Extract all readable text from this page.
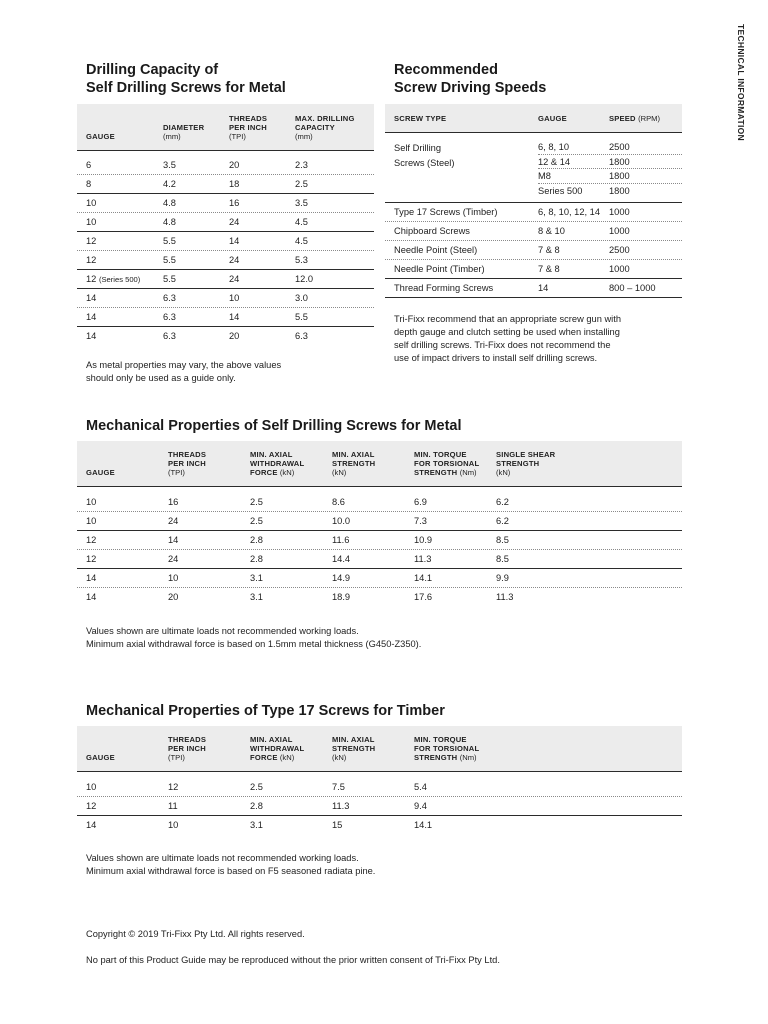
TECHNICAL INFORMATION
Drilling Capacity of
Self Drilling Screws for Metal
GAUGE
DIAMETER
(mm)
THREADS
PER INCH
(TPI)
MAX. DRILLING
CAPACITY
(mm)
6	3.5	20	2.3
8	4.2	18	2.5
10	4.8	16	3.5
10	4.8	24	4.5
12	5.5	14	4.5
12	5.5	24	5.3
12 (Series 500) 5.5	24	12.0
14	6.3	10	3.0
14	6.3	14	5.5
14	6.3	20	6.3
As metal properties may vary, the above values
should only be used as a guide only.
Recommended
Screw Driving Speeds
SCREW TYPE	GAUGE	SPEED (RPM)
Self Drilling
Screws (Steel)
6, 8, 10	2500
12 & 14	1800
M8	1800
Series 500	1800
Type 17 Screws (Timber)	6, 8, 10, 12, 14 1000
Chipboard Screws	8 & 10	1000
Needle Point (Steel)	7 & 8	2500
Needle Point (Timber)	7 & 8	1000
Thread Forming Screws	14	800 – 1000
Tri-Fixx recommend that an appropriate screw gun with
depth gauge and clutch setting be used when installing
self drilling screws. Tri-Fixx does not recommend the
use of impact drivers to install self drilling screws.
Mechanical Properties of Self Drilling Screws for Metal
GAUGE
THREADS
PER INCH
(TPI)
MIN. AXIAL
WITHDRAWAL
FORCE (kN)
MIN. AXIAL
STRENGTH
(kN)
MIN. TORQUE
FOR TORSIONAL
STRENGTH (Nm)
SINGLE SHEAR
STRENGTH
(kN)
10	16	2.5	8.6	6.9	6.2
10	24	2.5	10.0	7.3	6.2
12	14	2.8	11.6	10.9	8.5
12	24	2.8	14.4	11.3	8.5
14	10	3.1	14.9	14.1	9.9
14	20	3.1	18.9	17.6	11.3
Values shown are ultimate loads not recommended working loads.
Minimum axial withdrawal force is based on 1.5mm metal thickness (G450-Z350).
Mechanical Properties of Type 17 Screws for Timber
GAUGE
THREADS
PER INCH
(TPI)
MIN. AXIAL
WITHDRAWAL
FORCE (kN)
MIN. AXIAL
STRENGTH
(kN)
MIN. TORQUE
FOR TORSIONAL
STRENGTH (Nm)
10	12	2.5	7.5	5.4
12	11	2.8	11.3	9.4
14	10	3.1	15	14.1
Values shown are ultimate loads not recommended working loads.
Minimum axial withdrawal force is based on F5 seasoned radiata pine.
Copyright © 2019 Tri-Fixx Pty Ltd. All rights reserved.
No part of this Product Guide may be reproduced without the prior written consent of Tri-Fixx Pty Ltd.
